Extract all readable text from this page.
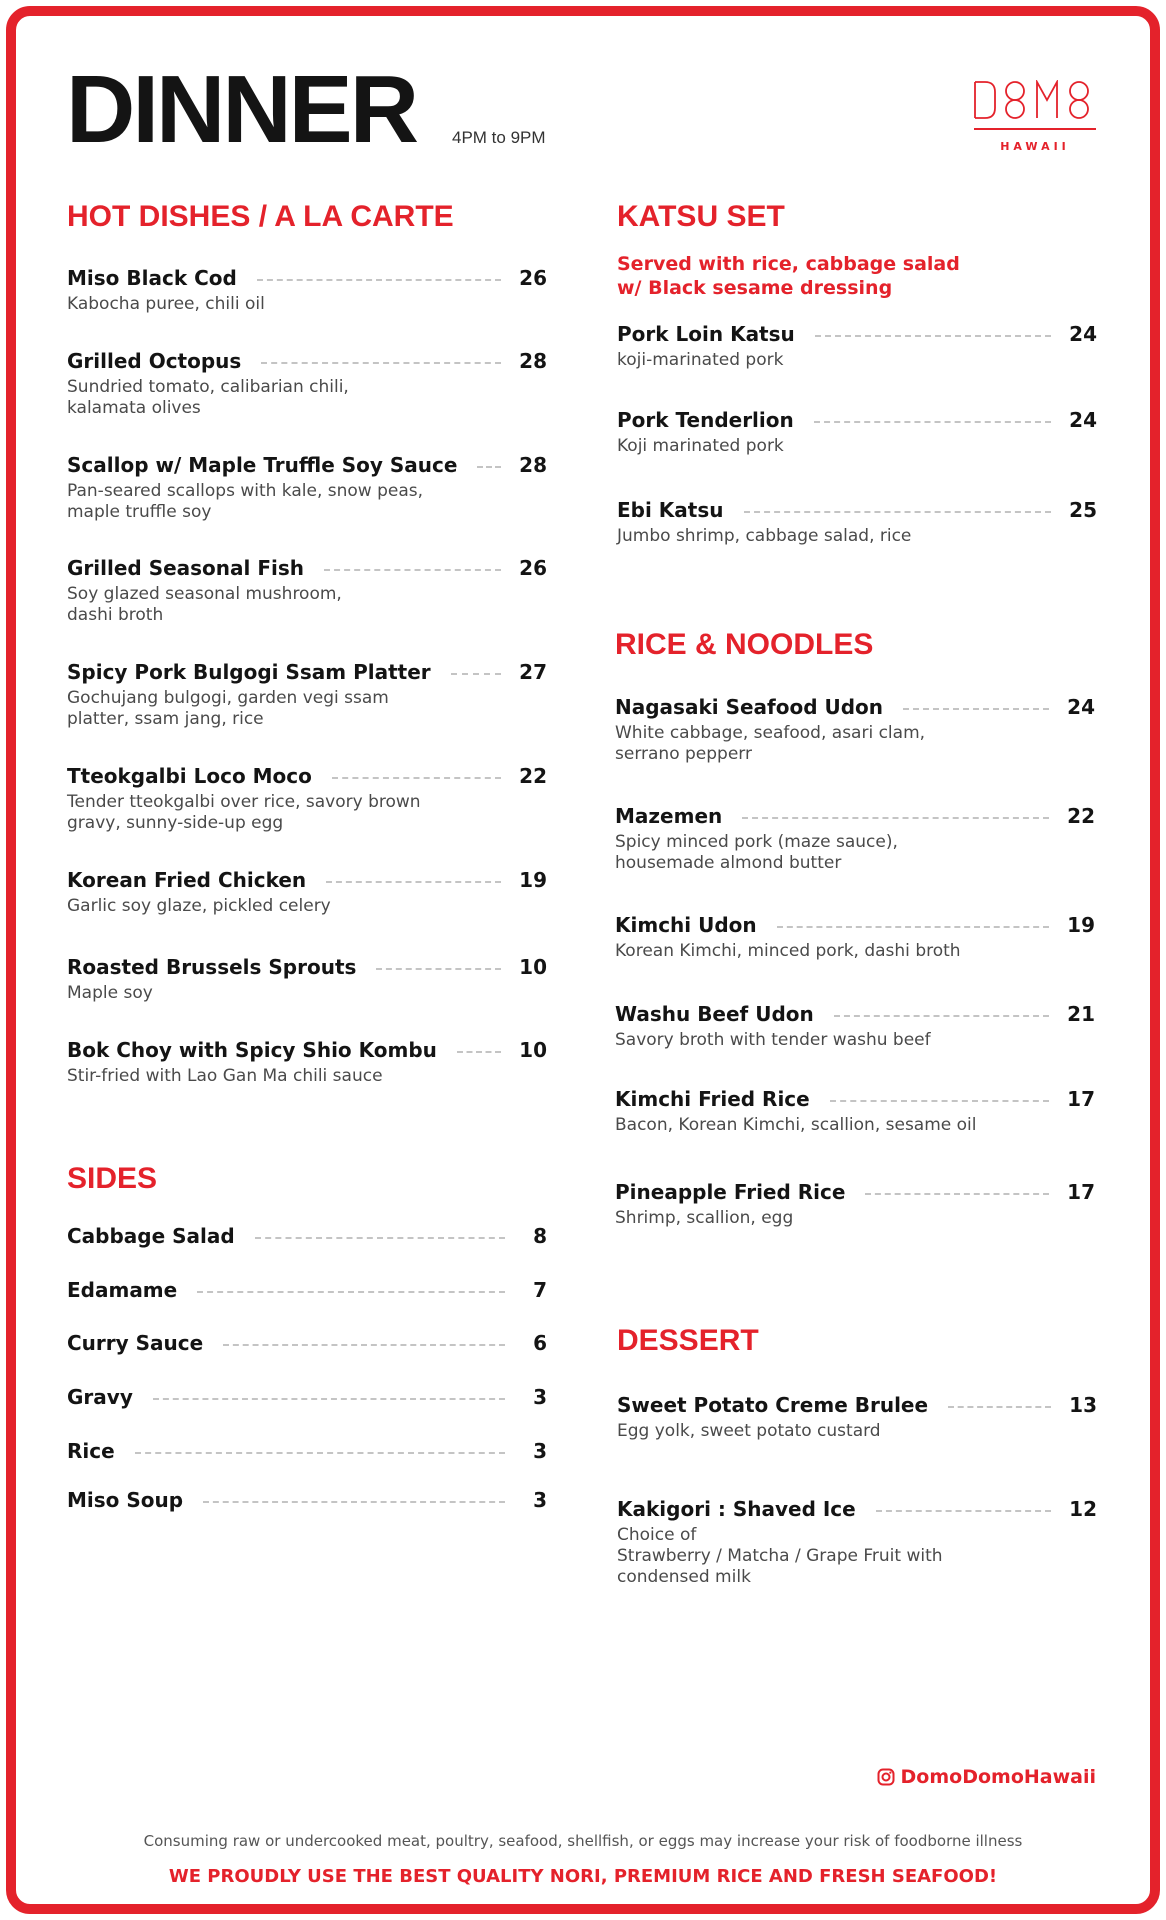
DINNER 4PM to 9PM	HAWAII
HOT DISHES / A LA CARTE
Miso Black Cod	26
Kabocha puree, chili oil
Grilled Octopus	28
Sundried tomato, calibarian chili,
kalamata olives
Scallop w/ Maple Truffle Soy Sauce	28
Pan-seared scallops with kale, snow peas,
maple truffle soy
Grilled Seasonal Fish	26
Soy glazed seasonal mushroom,
dashi broth
Spicy Pork Bulgogi Ssam Platter	27
Gochujang bulgogi, garden vegi ssam
platter, ssam jang, rice
Tteokgalbi Loco Moco	22
Tender tteokgalbi over rice, savory brown
gravy, sunny-side-up egg
Korean Fried Chicken	19
Garlic soy glaze, pickled celery
Roasted Brussels Sprouts	10
Maple soy
Bok Choy with Spicy Shio Kombu	10
Stir-fried with Lao Gan Ma chili sauce
SIDES
Cabbage Salad	8
Edamame	7
Curry Sauce	6
Gravy	3
Rice	3
Miso Soup	3
KATSU SET
Served with rice, cabbage salad
w/ Black sesame dressing
Pork Loin Katsu	24
koji-marinated pork
Pork Tenderlion	24
Koji marinated pork
Ebi Katsu	25
Jumbo shrimp, cabbage salad, rice
RICE & NOODLES
Nagasaki Seafood Udon	24
White cabbage, seafood, asari clam,
serrano pepperr
Mazemen	22
Spicy minced pork (maze sauce),
housemade almond butter
Kimchi Udon	19
Korean Kimchi, minced pork, dashi broth
Washu Beef Udon	21
Savory broth with tender washu beef
Kimchi Fried Rice	17
Bacon, Korean Kimchi, scallion, sesame oil
Pineapple Fried Rice	17
Shrimp, scallion, egg
DESSERT
Sweet Potato Creme Brulee	13
Egg yolk, sweet potato custard
Kakigori : Shaved Ice	12
Choice of
Strawberry / Matcha / Grape Fruit with
condensed milk
DomoDomoHawaii
Consuming raw or undercooked meat, poultry, seafood, shellfish, or eggs may increase your risk of foodborne illness
WE PROUDLY USE THE BEST QUALITY NORI, PREMIUM RICE AND FRESH SEAFOOD!
